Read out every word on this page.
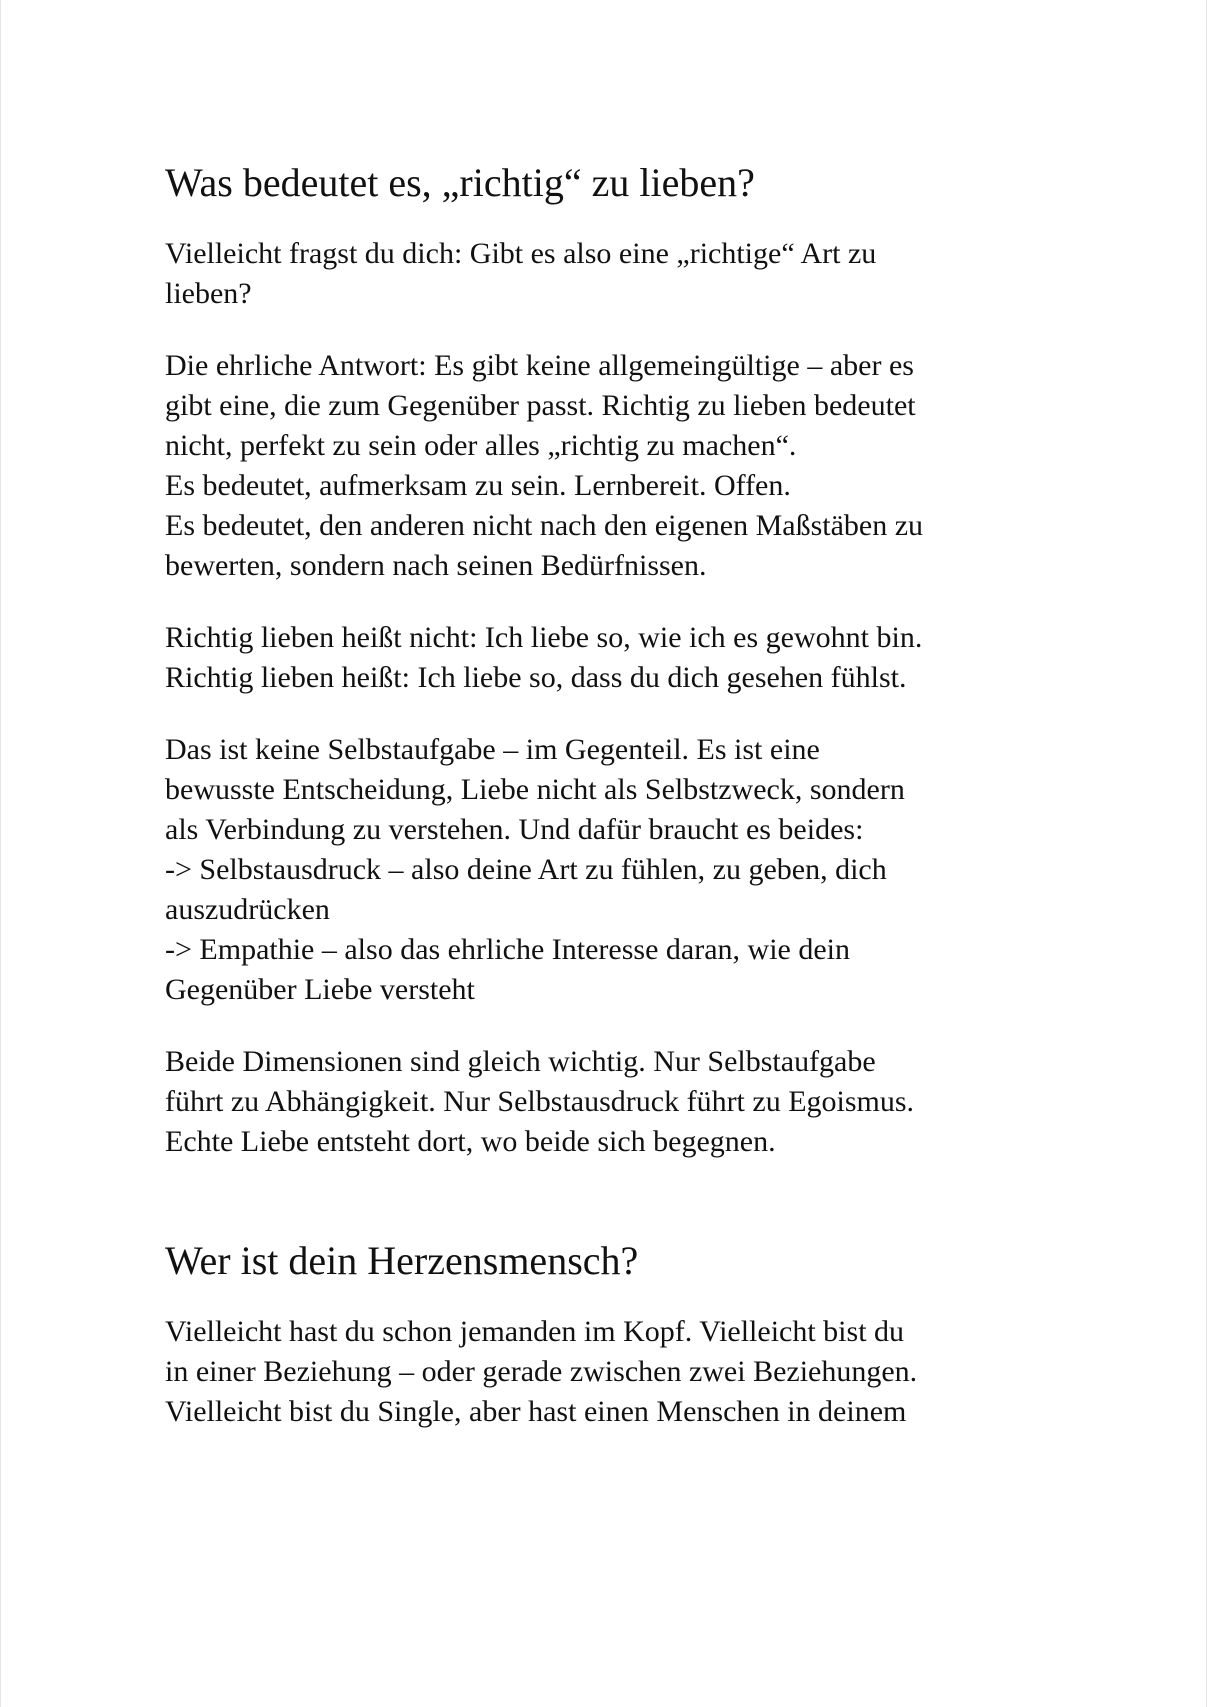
Was bedeutet es, „richtig“ zu lieben?

Vielleicht fragst du dich: Gibt es also eine „richtige“ Art zu
lieben?

Die ehrliche Antwort: Es gibt keine allgemeingültige – aber es
gibt eine, die zum Gegenüber passt. Richtig zu lieben bedeutet
nicht, perfekt zu sein oder alles „richtig zu machen“.
Es bedeutet, aufmerksam zu sein. Lernbereit. Offen.
Es bedeutet, den anderen nicht nach den eigenen Maßstäben zu
bewerten, sondern nach seinen Bedürfnissen.

Richtig lieben heißt nicht: Ich liebe so, wie ich es gewohnt bin.
Richtig lieben heißt: Ich liebe so, dass du dich gesehen fühlst.

Das ist keine Selbstaufgabe – im Gegenteil. Es ist eine
bewusste Entscheidung, Liebe nicht als Selbstzweck, sondern
als Verbindung zu verstehen. Und dafür braucht es beides:
-> Selbstausdruck – also deine Art zu fühlen, zu geben, dich
auszudrücken
-> Empathie – also das ehrliche Interesse daran, wie dein
Gegenüber Liebe versteht

Beide Dimensionen sind gleich wichtig. Nur Selbstaufgabe
führt zu Abhängigkeit. Nur Selbstausdruck führt zu Egoismus.
Echte Liebe entsteht dort, wo beide sich begegnen.

Wer ist dein Herzensmensch?

Vielleicht hast du schon jemanden im Kopf. Vielleicht bist du
in einer Beziehung – oder gerade zwischen zwei Beziehungen.
Vielleicht bist du Single, aber hast einen Menschen in deinem
